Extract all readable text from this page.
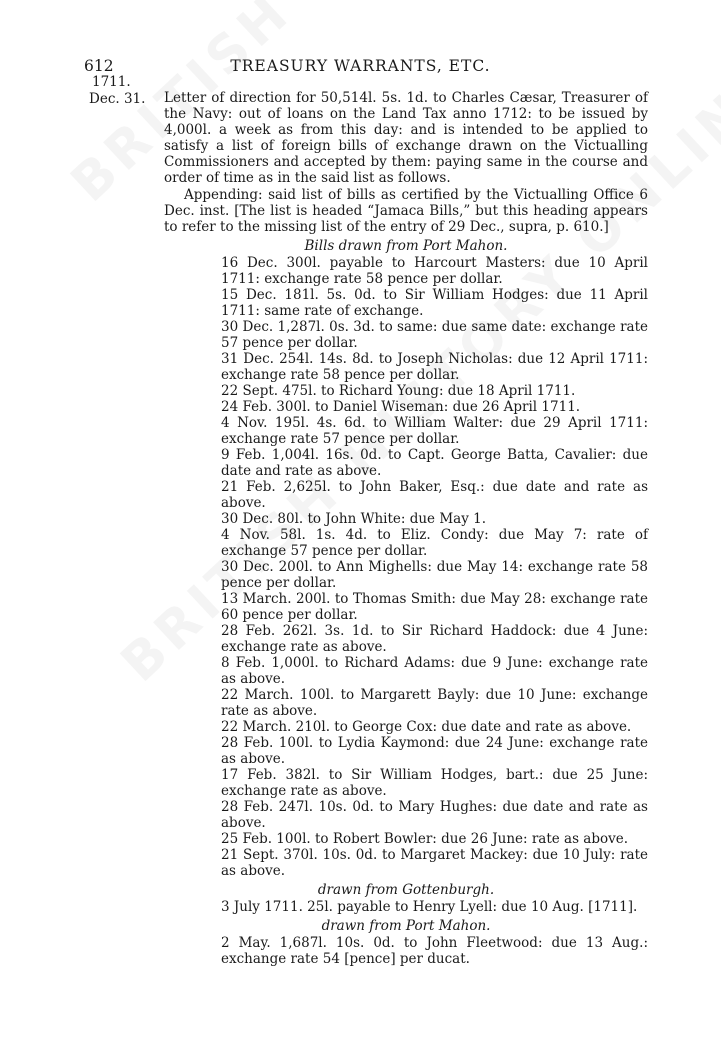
612	TREASURY WARRANTS, ETC.
1711.
Dec. 31. Letter of direction for 50,514l. 5s. 1d. to Charles Cæsar, Treasurer of the Navy: out of loans on the Land Tax anno 1712: to be issued by 4,000l. a week as from this day: and is intended to be applied to satisfy a list of foreign bills of exchange drawn on the Victualling Commissioners and accepted by them: paying same in the course and order of time as in the said list as follows.

Appending: said list of bills as certified by the Victualling Office 6 Dec. inst. [The list is headed “Jamaca Bills,” but this heading appears to refer to the missing list of the entry of 29 Dec., supra, p. 610.]

Bills drawn from Port Mahon.

16 Dec. 300l. payable to Harcourt Masters: due 10 April 1711: exchange rate 58 pence per dollar.

15 Dec. 181l. 5s. 0d. to Sir William Hodges: due 11 April 1711: same rate of exchange.

30 Dec. 1,287l. 0s. 3d. to same: due same date: exchange rate 57 pence per dollar.

31 Dec. 254l. 14s. 8d. to Joseph Nicholas: due 12 April 1711: exchange rate 58 pence per dollar.

22 Sept. 475l. to Richard Young: due 18 April 1711.

24 Feb. 300l. to Daniel Wiseman: due 26 April 1711.

4 Nov. 195l. 4s. 6d. to William Walter: due 29 April 1711: exchange rate 57 pence per dollar.

9 Feb. 1,004l. 16s. 0d. to Capt. George Batta, Cavalier: due date and rate as above.

21 Feb. 2,625l. to John Baker, Esq.: due date and rate as above.

30 Dec. 80l. to John White: due May 1.

4 Nov. 58l. 1s. 4d. to Eliz. Condy: due May 7: rate of exchange 57 pence per dollar.

30 Dec. 200l. to Ann Mighells: due May 14: exchange rate 58 pence per dollar.

13 March. 200l. to Thomas Smith: due May 28: exchange rate 60 pence per dollar.

28 Feb. 262l. 3s. 1d. to Sir Richard Haddock: due 4 June: exchange rate as above.

8 Feb. 1,000l. to Richard Adams: due 9 June: exchange rate as above.

22 March. 100l. to Margarett Bayly: due 10 June: exchange rate as above.

22 March. 210l. to George Cox: due date and rate as above.

28 Feb. 100l. to Lydia Kaymond: due 24 June: exchange rate as above.

17 Feb. 382l. to Sir William Hodges, bart.: due 25 June: exchange rate as above.

28 Feb. 247l. 10s. 0d. to Mary Hughes: due date and rate as above.

25 Feb. 100l. to Robert Bowler: due 26 June: rate as above.

21 Sept. 370l. 10s. 0d. to Margaret Mackey: due 10 July: rate as above.

drawn from Gottenburgh.

3 July 1711. 25l. payable to Henry Lyell: due 10 Aug. [1711].

drawn from Port Mahon.

2 May. 1,687l. 10s. 0d. to John Fleetwood: due 13 Aug.: exchange rate 54 [pence] per ducat.
